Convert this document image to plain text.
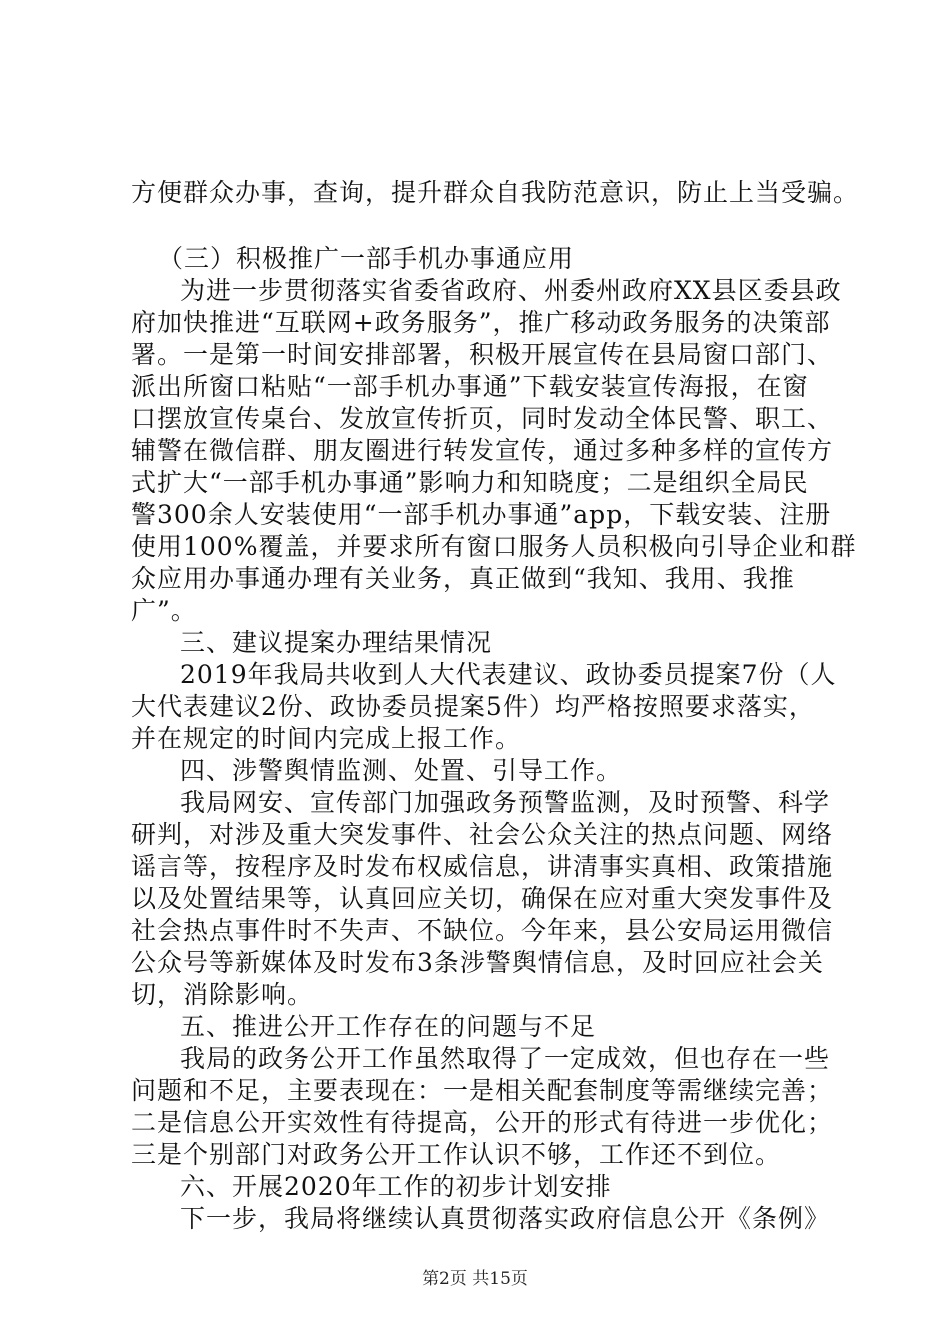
方便群众办事，查询，提升群众自我防范意识，防止上当受骗。
（三）积极推广一部手机办事通应用
为进一步贯彻落实省委省政府、州委州政府XX县区委县政
府加快推进“互联网+政务服务”，推广移动政务服务的决策部
署。一是第一时间安排部署，积极开展宣传在县局窗口部门、
派出所窗口粘贴“一部手机办事通”下载安装宣传海报，在窗
口摆放宣传桌台、发放宣传折页，同时发动全体民警、职工、
辅警在微信群、朋友圈进行转发宣传，通过多种多样的宣传方
式扩大“一部手机办事通”影响力和知晓度；二是组织全局民
警300余人安装使用“一部手机办事通”app，下载安装、注册
使用100%覆盖，并要求所有窗口服务人员积极向引导企业和群
众应用办事通办理有关业务，真正做到“我知、我用、我推
广”。
三、建议提案办理结果情况
2019年我局共收到人大代表建议、政协委员提案7份（人
大代表建议2份、政协委员提案5件）均严格按照要求落实，
并在规定的时间内完成上报工作。
四、涉警舆情监测、处置、引导工作。
我局网安、宣传部门加强政务预警监测，及时预警、科学
研判，对涉及重大突发事件、社会公众关注的热点问题、网络
谣言等，按程序及时发布权威信息，讲清事实真相、政策措施
以及处置结果等，认真回应关切，确保在应对重大突发事件及
社会热点事件时不失声、不缺位。今年来，县公安局运用微信
公众号等新媒体及时发布3条涉警舆情信息，及时回应社会关
切，消除影响。
五、推进公开工作存在的问题与不足
我局的政务公开工作虽然取得了一定成效，但也存在一些
问题和不足，主要表现在：一是相关配套制度等需继续完善；
二是信息公开实效性有待提高，公开的形式有待进一步优化；
三是个别部门对政务公开工作认识不够，工作还不到位。
六、开展2020年工作的初步计划安排
下一步，我局将继续认真贯彻落实政府信息公开《条例》
第2页 共15页
